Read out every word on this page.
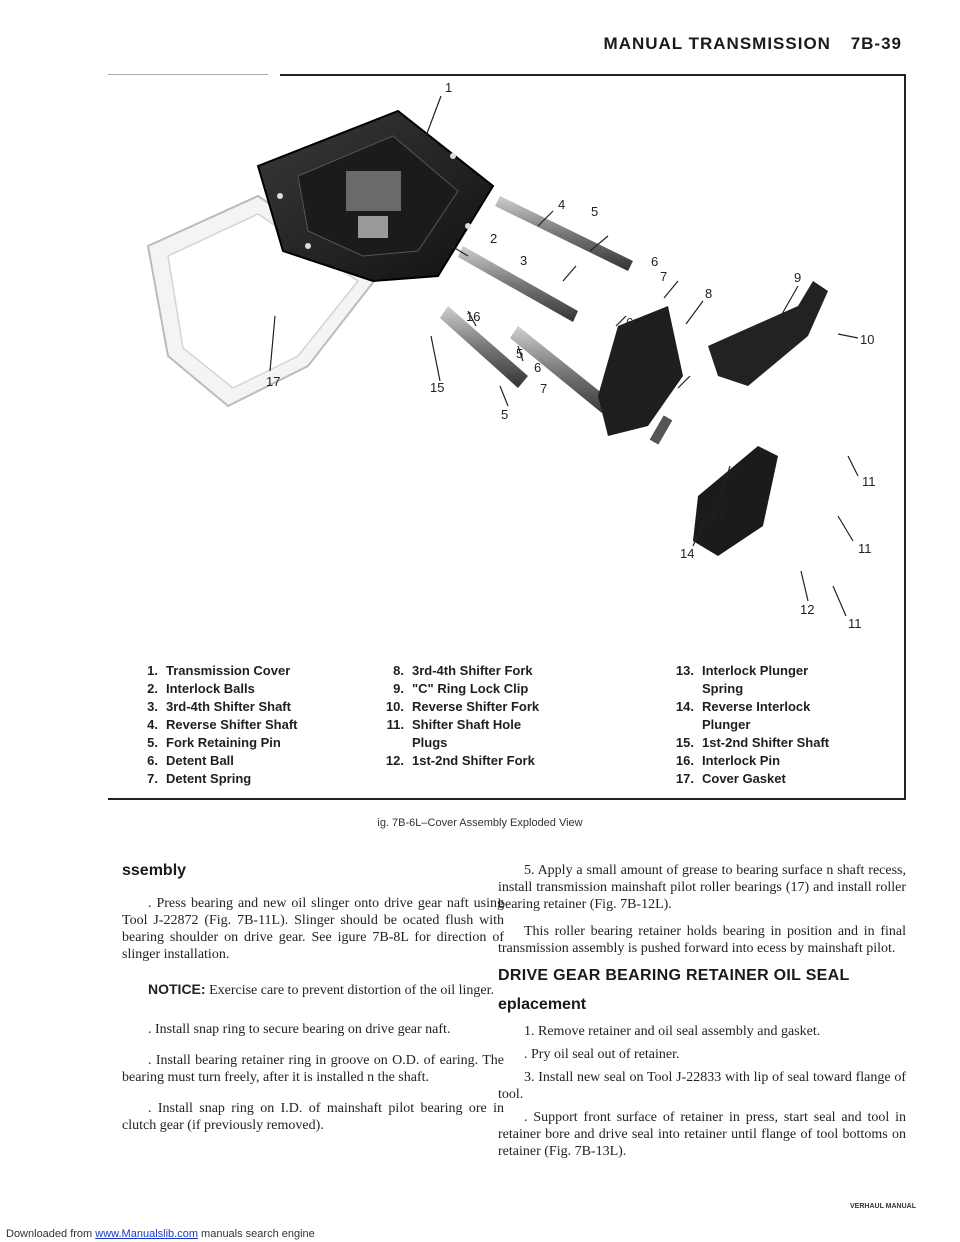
Downloaded from www.Manualslib.com manuals search engine
MANUAL TRANSMISSION 7B-39
1
2
3
4 5
6
7
6
7
8
9
10
16
5
6
7
17	15
5
11
13
14	11
11
12
1. Transmission Cover
2. Interlock Balls
3. 3rd-4th Shifter Shaft
4. Reverse Shifter Shaft
5. Fork Retaining Pin
6. Detent Ball
7. Detent Spring
8. 3rd-4th Shifter Fork
9. "C" Ring Lock Clip
10. Reverse Shifter Fork
11. Shifter Shaft Hole
Plugs
12. 1st-2nd Shifter Fork
13. Interlock Plunger
Spring
14. Reverse Interlock
Plunger
15. 1st-2nd Shifter Shaft
16. Interlock Pin
17. Cover Gasket
ig. 7B-6L–Cover Assembly Exploded View
ssembly

. Press bearing and new oil slinger onto drive gear naft using Tool J-22872 (Fig. 7B-11L). Slinger should be ocated flush with bearing shoulder on drive gear. See igure 7B-8L for direction of slinger installation.

NOTICE: Exercise care to prevent distortion of the oil linger.

. Install snap ring to secure bearing on drive gear naft.

. Install bearing retainer ring in groove on O.D. of earing. The bearing must turn freely, after it is installed n the shaft.

. Install snap ring on I.D. of mainshaft pilot bearing ore in clutch gear (if previously removed).

5. Apply a small amount of grease to bearing surface n shaft recess, install transmission mainshaft pilot roller bearings (17) and install roller bearing retainer (Fig. 7B-12L).

This roller bearing retainer holds bearing in position and in final transmission assembly is pushed forward into ecess by mainshaft pilot.

DRIVE GEAR BEARING RETAINER OIL SEAL
eplacement

1. Remove retainer and oil seal assembly and gasket.

. Pry oil seal out of retainer.

3. Install new seal on Tool J-22833 with lip of seal toward flange of tool.

. Support front surface of retainer in press, start seal and tool in retainer bore and drive seal into retainer until flange of tool bottoms on retainer (Fig. 7B-13L).

VERHAUL MANUAL
